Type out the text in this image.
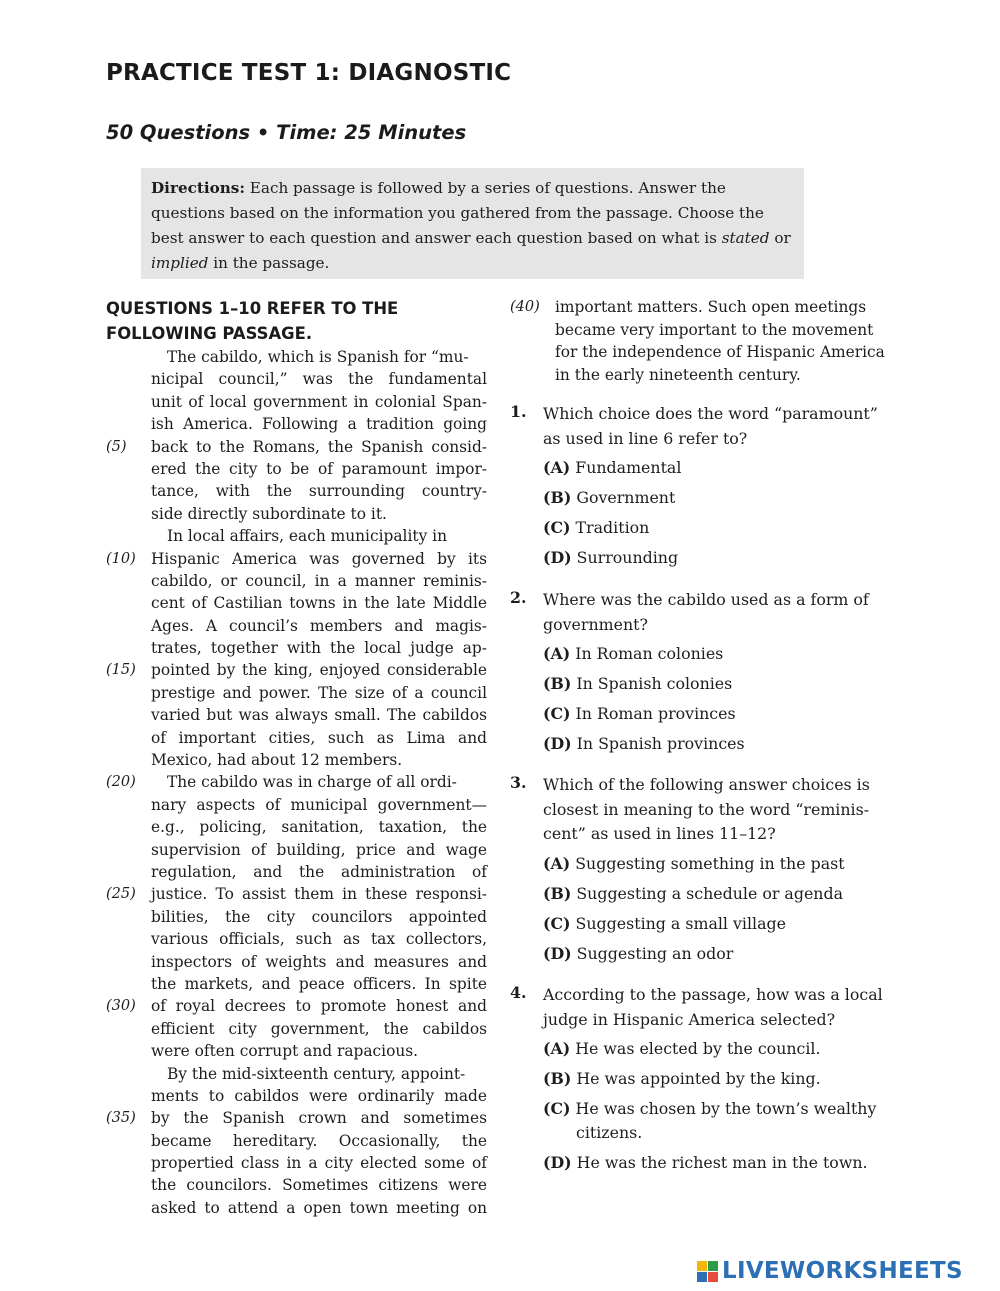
PRACTICE TEST 1: DIAGNOSTIC
50 Questions • Time: 25 Minutes
Directions: Each passage is followed by a series of questions. Answer the questions based on the information you gathered from the passage. Choose the best answer to each question and answer each question based on what is stated or implied in the passage.
QUESTIONS 1–10 REFER TO THE FOLLOWING PASSAGE.
The cabildo, which is Spanish for “mu-
nicipal council,” was the fundamental
unit of local government in colonial Span-
ish America. Following a tradition going
(5) back to the Romans, the Spanish consid-
ered the city to be of paramount impor-
tance, with the surrounding country-
side directly subordinate to it.
In local affairs, each municipality in
(10) Hispanic America was governed by its
cabildo, or council, in a manner reminis-
cent of Castilian towns in the late Middle
Ages. A council’s members and magis-
trates, together with the local judge ap-
(15) pointed by the king, enjoyed considerable
prestige and power. The size of a council
varied but was always small. The cabildos
of important cities, such as Lima and
Mexico, had about 12 members.
(20) The cabildo was in charge of all ordi-
nary aspects of municipal government—
e.g., policing, sanitation, taxation, the
supervision of building, price and wage
regulation, and the administration of
(25) justice. To assist them in these responsi-
bilities, the city councilors appointed
various officials, such as tax collectors,
inspectors of weights and measures and
the markets, and peace officers. In spite
(30) of royal decrees to promote honest and
efficient city government, the cabildos
were often corrupt and rapacious.
By the mid-sixteenth century, appoint-
ments to cabildos were ordinarily made
(35) by the Spanish crown and sometimes
became hereditary. Occasionally, the
propertied class in a city elected some of
the councilors. Sometimes citizens were
asked to attend a open town meeting on
(40) important matters. Such open meetings
became very important to the movement
for the independence of Hispanic America
in the early nineteenth century.
1. Which choice does the word “paramount” as used in line 6 refer to?
(A) Fundamental
(B) Government
(C) Tradition
(D) Surrounding
2. Where was the cabildo used as a form of government?
(A) In Roman colonies
(B) In Spanish colonies
(C) In Roman provinces
(D) In Spanish provinces
3. Which of the following answer choices is closest in meaning to the word “reminis-cent” as used in lines 11–12?
(A) Suggesting something in the past
(B) Suggesting a schedule or agenda
(C) Suggesting a small village
(D) Suggesting an odor
4. According to the passage, how was a local judge in Hispanic America selected?
(A) He was elected by the council.
(B) He was appointed by the king.
(C) He was chosen by the town’s wealthy
citizens.
(D) He was the richest man in the town.
LIVEWORKSHEETS
